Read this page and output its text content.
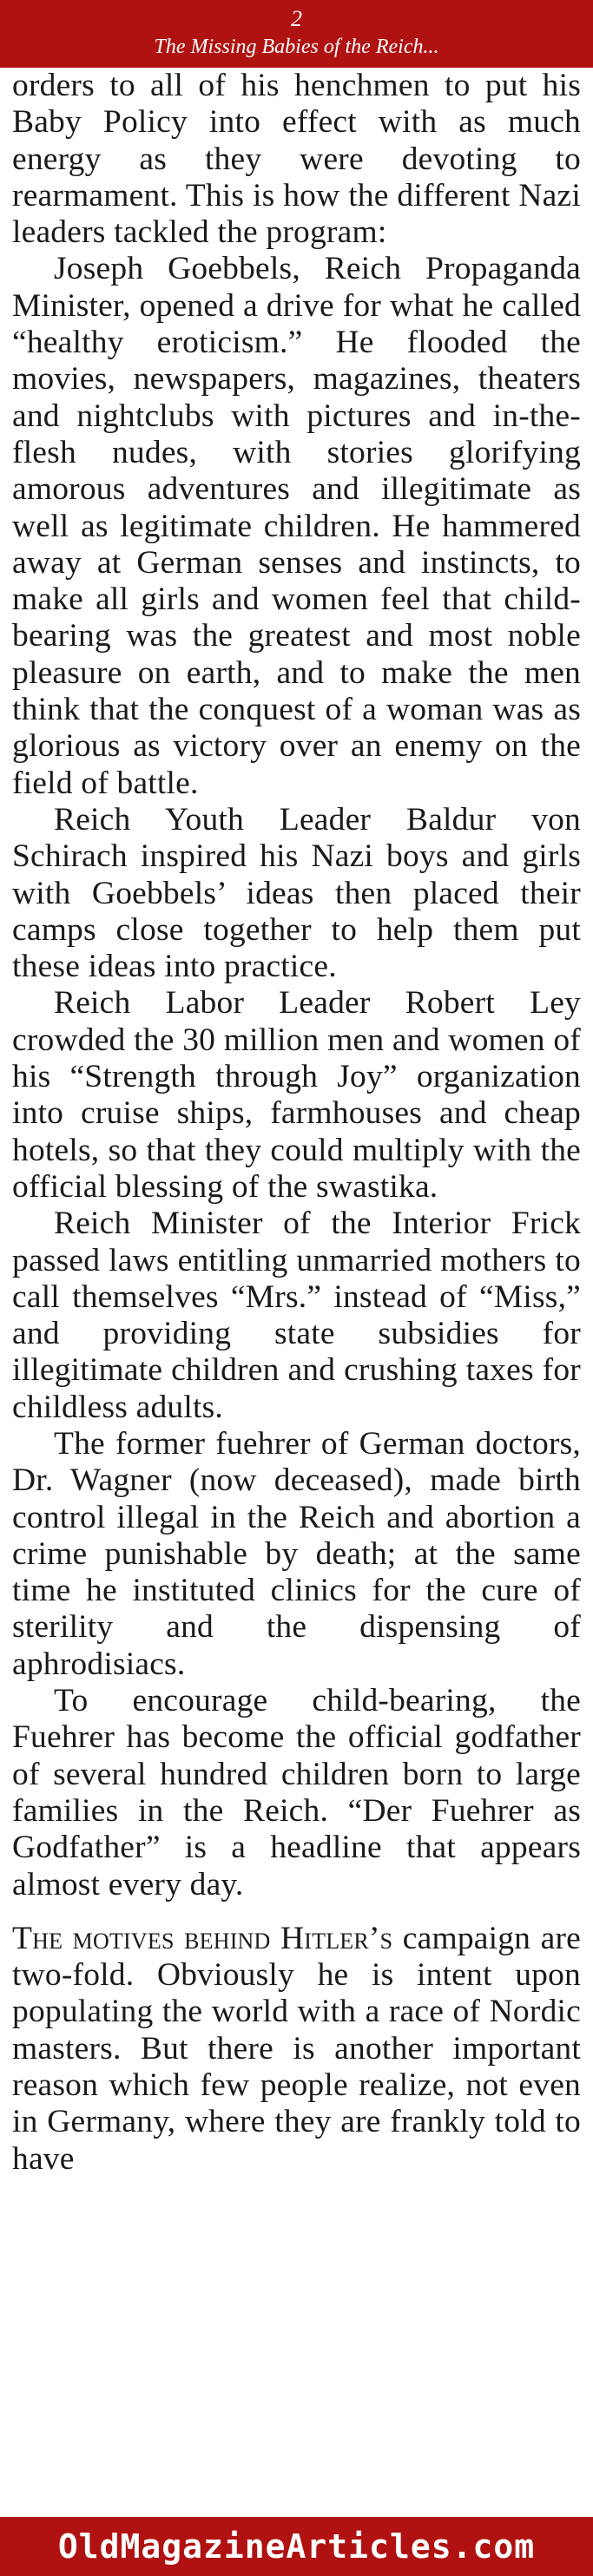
2
The Missing Babies of the Reich...

orders to all of his henchmen to put his Baby Policy into effect with as much energy as they were devoting to rearmament. This is how the different Nazi leaders tackled the program:

Joseph Goebbels, Reich Propaganda Minister, opened a drive for what he called “healthy eroticism.” He flooded the movies, newspapers, magazines, theaters and nightclubs with pictures and in-the-flesh nudes, with stories glorifying amorous adventures and illegitimate as well as legitimate children. He hammered away at German senses and instincts, to make all girls and women feel that child-bearing was the greatest and most noble pleasure on earth, and to make the men think that the conquest of a woman was as glorious as victory over an enemy on the field of battle.

Reich Youth Leader Baldur von Schirach inspired his Nazi boys and girls with Goebbels’ ideas then placed their camps close together to help them put these ideas into practice.

Reich Labor Leader Robert Ley crowded the 30 million men and women of his “Strength through Joy” organization into cruise ships, farmhouses and cheap hotels, so that they could multiply with the official blessing of the swastika.

Reich Minister of the Interior Frick passed laws entitling unmarried mothers to call themselves “Mrs.” instead of “Miss,” and providing state subsidies for illegitimate children and crushing taxes for childless adults.

The former fuehrer of German doctors, Dr. Wagner (now deceased), made birth control illegal in the Reich and abortion a crime punishable by death; at the same time he instituted clinics for the cure of sterility and the dispensing of aphrodisiacs.

To encourage child-bearing, the Fuehrer has become the official godfather of several hundred children born to large families in the Reich. “Der Fuehrer as Godfather” is a headline that appears almost every day.

The motives behind Hitler’s campaign are two-fold. Obviously he is intent upon populating the world with a race of Nordic masters. But there is another important reason which few people realize, not even in Germany, where they are frankly told to have

OldMagazineArticles.com
